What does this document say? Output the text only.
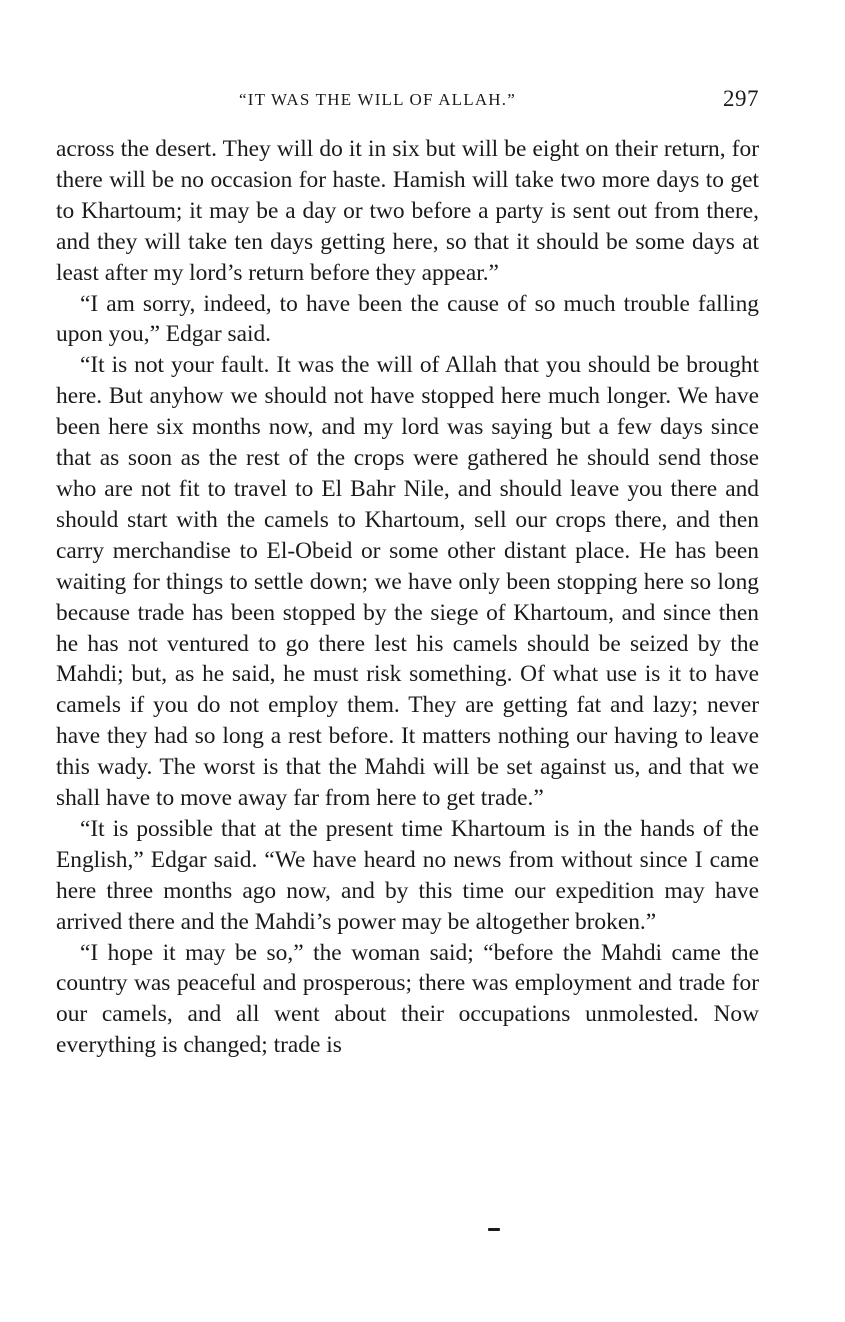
“IT WAS THE WILL OF ALLAH.”	297

across the desert. They will do it in six but will be eight on their return, for there will be no occasion for haste. Hamish will take two more days to get to Khartoum; it may be a day or two before a party is sent out from there, and they will take ten days getting here, so that it should be some days at least after my lord’s return before they appear.”

“I am sorry, indeed, to have been the cause of so much trouble falling upon you,” Edgar said.

“It is not your fault. It was the will of Allah that you should be brought here. But anyhow we should not have stopped here much longer. We have been here six months now, and my lord was saying but a few days since that as soon as the rest of the crops were gathered he should send those who are not fit to travel to El Bahr Nile, and should leave you there and should start with the camels to Khartoum, sell our crops there, and then carry merchandise to El-Obeid or some other distant place. He has been waiting for things to settle down; we have only been stopping here so long because trade has been stopped by the siege of Khartoum, and since then he has not ventured to go there lest his camels should be seized by the Mahdi; but, as he said, he must risk something. Of what use is it to have camels if you do not employ them. They are getting fat and lazy; never have they had so long a rest before. It matters nothing our having to leave this wady. The worst is that the Mahdi will be set against us, and that we shall have to move away far from here to get trade.”

“It is possible that at the present time Khartoum is in the hands of the English,” Edgar said. “We have heard no news from without since I came here three months ago now, and by this time our expedition may have arrived there and the Mahdi’s power may be altogether broken.”

“I hope it may be so,” the woman said; “before the Mahdi came the country was peaceful and prosperous; there was employment and trade for our camels, and all went about their occupations unmolested. Now everything is changed; trade is
